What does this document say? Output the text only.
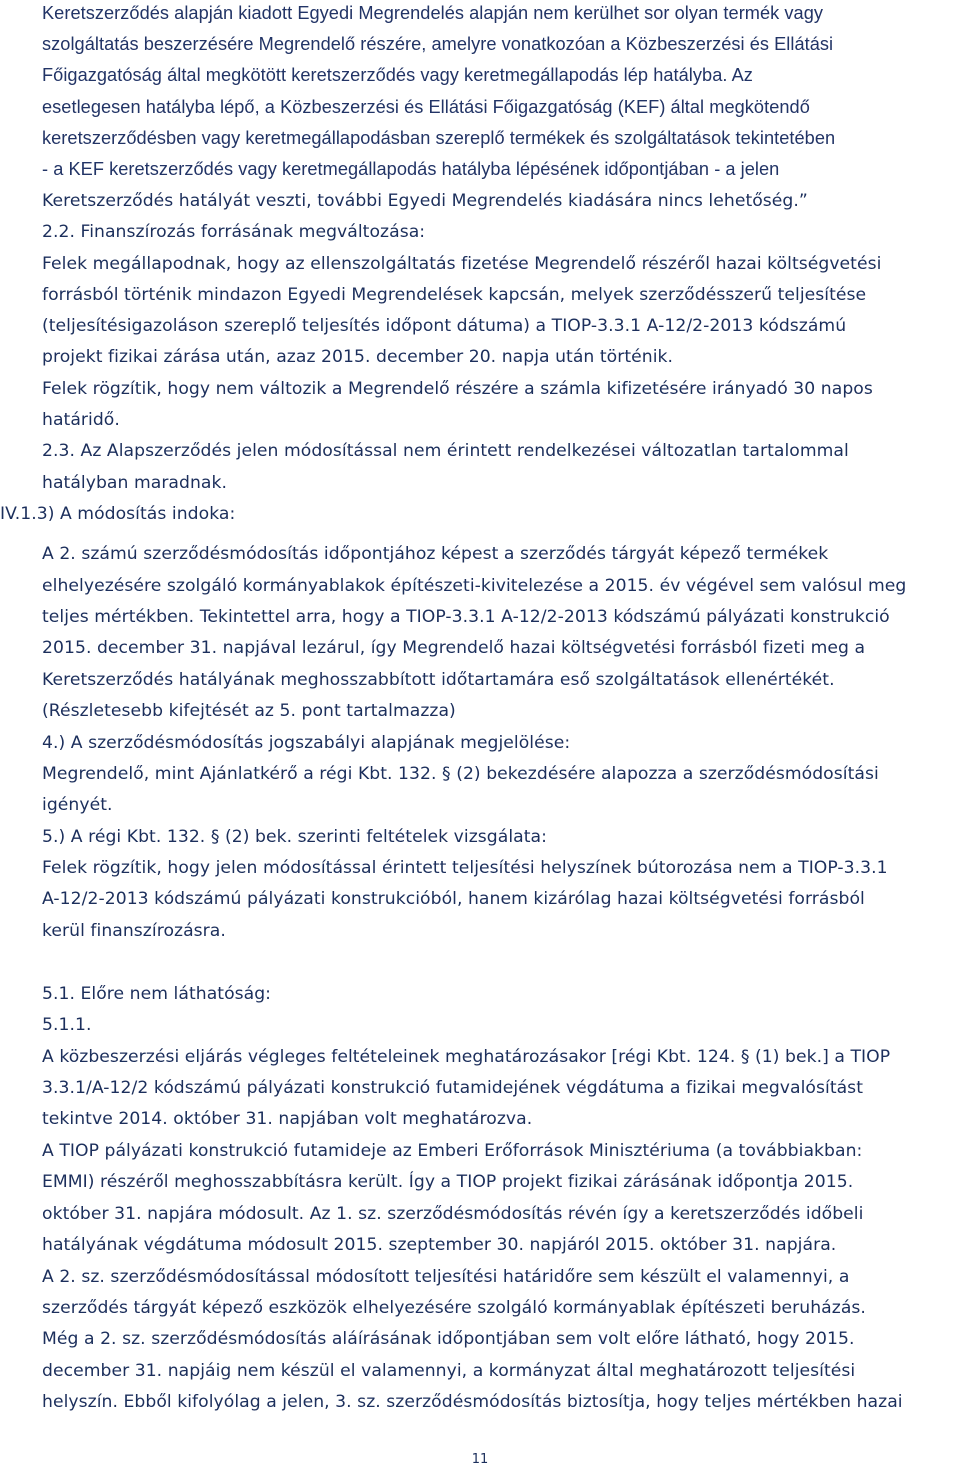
Keretszerződés alapján kiadott Egyedi Megrendelés alapján nem kerülhet sor olyan termék vagy
szolgáltatás beszerzésére Megrendelő részére, amelyre vonatkozóan a Közbeszerzési és Ellátási
Főigazgatóság által megkötött keretszerződés vagy keretmegállapodás lép hatályba. Az
esetlegesen hatályba lépő, a Közbeszerzési és Ellátási Főigazgatóság (KEF) által megkötendő
keretszerződésben vagy keretmegállapodásban szereplő termékek és szolgáltatások tekintetében
- a KEF keretszerződés vagy keretmegállapodás hatályba lépésének időpontjában - a jelen
Keretszerződés hatályát veszti, további Egyedi Megrendelés kiadására nincs lehetőség.”
2.2. Finanszírozás forrásának megváltozása:
Felek megállapodnak, hogy az ellenszolgáltatás fizetése Megrendelő részéről hazai költségvetési
forrásból történik mindazon Egyedi Megrendelések kapcsán, melyek szerződésszerű teljesítése
(teljesítésigazoláson szereplő teljesítés időpont dátuma) a TIOP-3.3.1 A-12/2-2013 kódszámú
projekt fizikai zárása után, azaz 2015. december 20. napja után történik.
Felek rögzítik, hogy nem változik a Megrendelő részére a számla kifizetésére irányadó 30 napos
határidő.
2.3. Az Alapszerződés jelen módosítással nem érintett rendelkezései változatlan tartalommal
hatályban maradnak.
IV.1.3) A módosítás indoka:
A 2. számú szerződésmódosítás időpontjához képest a szerződés tárgyát képező termékek
elhelyezésére szolgáló kormányablakok építészeti-kivitelezése a 2015. év végével sem valósul meg
teljes mértékben. Tekintettel arra, hogy a TIOP-3.3.1 A-12/2-2013 kódszámú pályázati konstrukció
2015. december 31. napjával lezárul, így Megrendelő hazai költségvetési forrásból fizeti meg a
Keretszerződés hatályának meghosszabbított időtartamára eső szolgáltatások ellenértékét.
(Részletesebb kifejtését az 5. pont tartalmazza)
4.) A szerződésmódosítás jogszabályi alapjának megjelölése:
Megrendelő, mint Ajánlatkérő a régi Kbt. 132. § (2) bekezdésére alapozza a szerződésmódosítási
igényét.
5.) A régi Kbt. 132. § (2) bek. szerinti feltételek vizsgálata:
Felek rögzítik, hogy jelen módosítással érintett teljesítési helyszínek bútorozása nem a TIOP-3.3.1
A-12/2-2013 kódszámú pályázati konstrukcióból, hanem kizárólag hazai költségvetési forrásból
kerül finanszírozásra.
5.1. Előre nem láthatóság:
5.1.1.
A közbeszerzési eljárás végleges feltételeinek meghatározásakor [régi Kbt. 124. § (1) bek.] a TIOP
3.3.1/A-12/2 kódszámú pályázati konstrukció futamidejének végdátuma a fizikai megvalósítást
tekintve 2014. október 31. napjában volt meghatározva.
A TIOP pályázati konstrukció futamideje az Emberi Erőforrások Minisztériuma (a továbbiakban:
EMMI) részéről meghosszabbításra került. Így a TIOP projekt fizikai zárásának időpontja 2015.
október 31. napjára módosult. Az 1. sz. szerződésmódosítás révén így a keretszerződés időbeli
hatályának végdátuma módosult 2015. szeptember 30. napjáról 2015. október 31. napjára.
A 2. sz. szerződésmódosítással módosított teljesítési határidőre sem készült el valamennyi, a
szerződés tárgyát képező eszközök elhelyezésére szolgáló kormányablak építészeti beruházás.
Még a 2. sz. szerződésmódosítás aláírásának időpontjában sem volt előre látható, hogy 2015.
december 31. napjáig nem készül el valamennyi, a kormányzat által meghatározott teljesítési
helyszín. Ebből kifolyólag a jelen, 3. sz. szerződésmódosítás biztosítja, hogy teljes mértékben hazai
11
